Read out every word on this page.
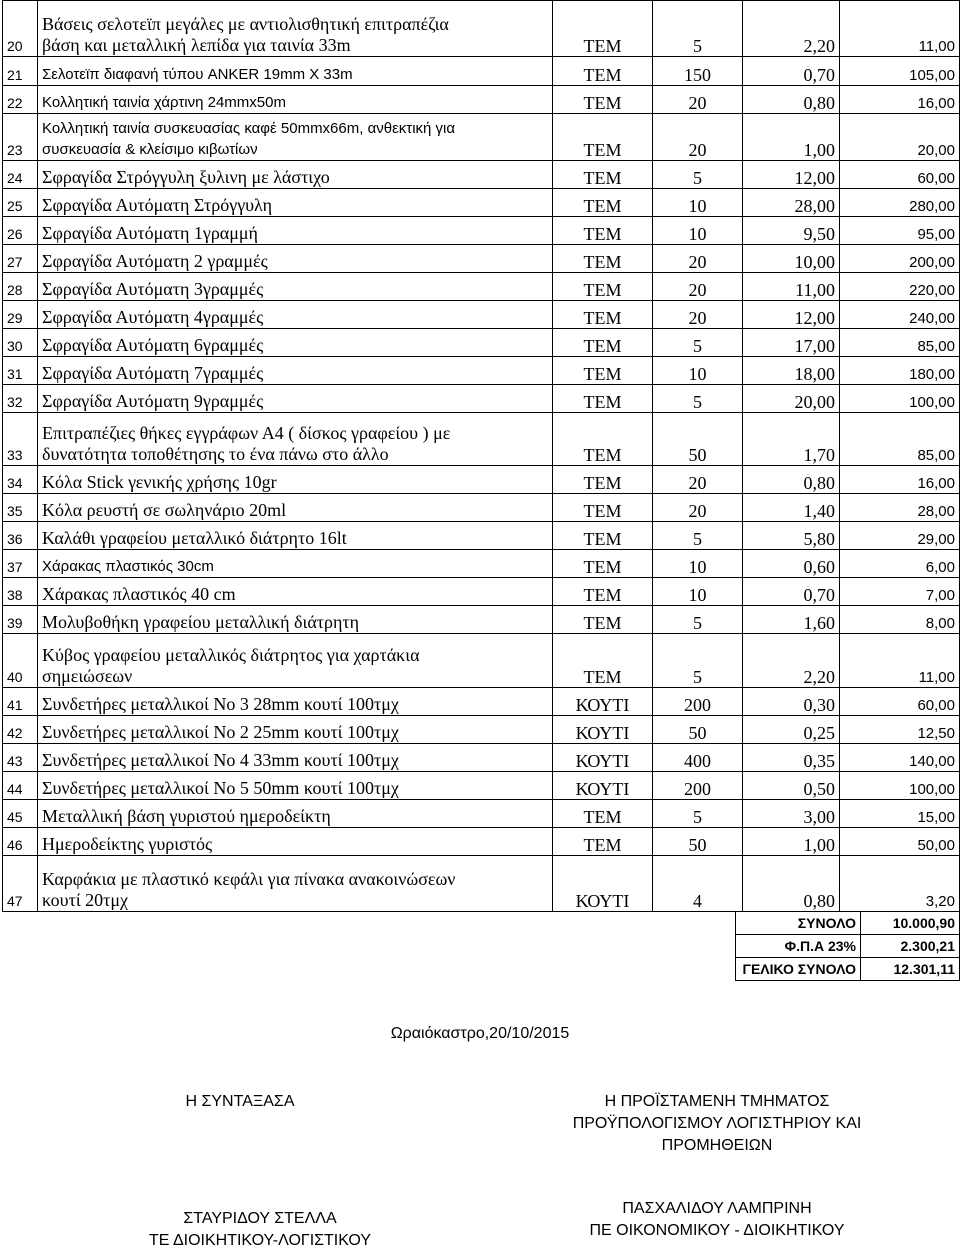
20	Βάσεις σελοτεϊπ μεγάλες με αντιολισθητική επιτραπέζια
βάση και μεταλλική λεπίδα για ταινία 33m	ΤΕΜ	5	2,20	11,00
21	Σελοτεϊπ διαφανή τύπου ANKER 19mm X 33m	ΤΕΜ	150	0,70	105,00
22	Κολλητική ταινία χάρτινη 24mmx50m	ΤΕΜ	20	0,80	16,00
23	Κολλητική ταινία συσκευασίας καφέ 50mmx66m, ανθεκτική για
συσκευασία & κλείσιμο κιβωτίων	ΤΕΜ	20	1,00	20,00
24	Σφραγίδα Στρόγγυλη ξυλινη με λάστιχο	ΤΕΜ	5	12,00	60,00
25	Σφραγίδα Αυτόματη Στρόγγυλη	ΤΕΜ	10	28,00	280,00
26	Σφραγίδα Αυτόματη 1γραμμή	ΤΕΜ	10	9,50	95,00
27	Σφραγίδα Αυτόματη 2 γραμμές	ΤΕΜ	20	10,00	200,00
28	Σφραγίδα Αυτόματη 3γραμμές	ΤΕΜ	20	11,00	220,00
29	Σφραγίδα Αυτόματη 4γραμμές	ΤΕΜ	20	12,00	240,00
30	Σφραγίδα Αυτόματη 6γραμμές	ΤΕΜ	5	17,00	85,00
31	Σφραγίδα Αυτόματη 7γραμμές	ΤΕΜ	10	18,00	180,00
32	Σφραγίδα Αυτόματη 9γραμμές	ΤΕΜ	5	20,00	100,00
33	Επιτραπέζιες θήκες εγγράφων Α4 ( δίσκος γραφείου ) με
δυνατότητα τοποθέτησης το ένα πάνω στο άλλο	ΤΕΜ	50	1,70	85,00
34	Κόλα Stick γενικής χρήσης 10gr	ΤΕΜ	20	0,80	16,00
35	Κόλα ρευστή σε σωληνάριο 20ml	ΤΕΜ	20	1,40	28,00
36	Καλάθι γραφείου μεταλλικό διάτρητο 16lt	ΤΕΜ	5	5,80	29,00
37	Χάρακας πλαστικός 30cm	ΤΕΜ	10	0,60	6,00
38	Χάρακας πλαστικός 40 cm	ΤΕΜ	10	0,70	7,00
39	Μολυβοθήκη γραφείου μεταλλική διάτρητη	ΤΕΜ	5	1,60	8,00
40	Κύβος γραφείου μεταλλικός διάτρητος για χαρτάκια
σημειώσεων	ΤΕΜ	5	2,20	11,00
41	Συνδετήρες μεταλλικοί Νο 3 28mm κουτί 100τμχ	ΚΟΥΤΙ	200	0,30	60,00
42	Συνδετήρες μεταλλικοί Νο 2 25mm κουτί 100τμχ	ΚΟΥΤΙ	50	0,25	12,50
43	Συνδετήρες μεταλλικοί Νο 4 33mm κουτί 100τμχ	ΚΟΥΤΙ	400	0,35	140,00
44	Συνδετήρες μεταλλικοί Νο 5 50mm κουτί 100τμχ	ΚΟΥΤΙ	200	0,50	100,00
45	Μεταλλική βάση γυριστού ημεροδείκτη	ΤΕΜ	5	3,00	15,00
46	Ημεροδείκτης γυριστός	ΤΕΜ	50	1,00	50,00
47	Καρφάκια με πλαστικό κεφάλι για πίνακα ανακοινώσεων
κουτί 20τμχ	ΚΟΥΤΙ	4	0,80	3,20
ΣΥΝΟΛΟ	10.000,90
Φ.Π.Α 23%	2.300,21
ΓΕΛΙΚΟ ΣΥΝΟΛΟ	12.301,11
Ωραιόκαστρο,20/10/2015
Η ΣΥΝΤΑΞΑΣΑ	Η ΠΡΟΪΣΤΑΜΕΝΗ ΤΜΗΜΑΤΟΣ
ΠΡΟΫΠΟΛΟΓΙΣΜΟΥ ΛΟΓΙΣΤΗΡΙΟΥ ΚΑΙ
ΠΡΟΜΗΘΕΙΩΝ
ΣΤΑΥΡΙΔΟΥ ΣΤΕΛΛΑ
ΤΕ ΔΙΟΙΚΗΤΙΚΟΥ-ΛΟΓΙΣΤΙΚΟΥ
ΠΑΣΧΑΛΙΔΟΥ ΛΑΜΠΡΙΝΗ
ΠΕ ΟΙΚΟΝΟΜΙΚΟΥ - ΔΙΟΙΚΗΤΙΚΟΥ
